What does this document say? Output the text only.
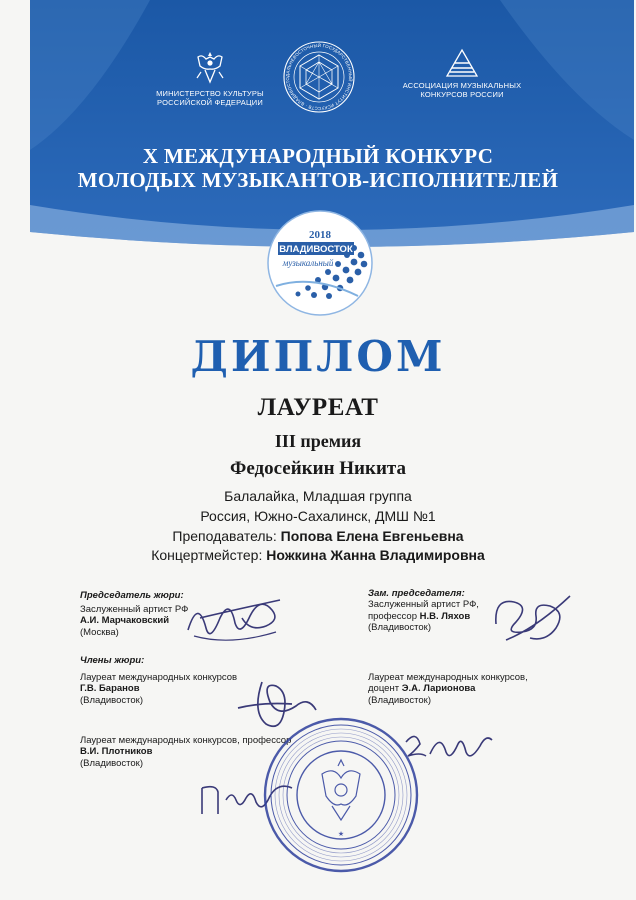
МИНИСТЕРСТВО КУЛЬТУРЫ РОССИЙСКОЙ ФЕДЕРАЦИИ
ДАЛЬНЕВОСТОЧНЫЙ ГОСУДАРСТВЕННЫЙ ИНСТИТУТ ИСКУССТВ · ВЛАДИВОСТО
АССОЦИАЦИЯ МУЗЫКАЛЬНЫХ КОНКУРСОВ РОССИИ
X МЕЖДУНАРОДНЫЙ КОНКУРС
МОЛОДЫХ МУЗЫКАНТОВ-ИСПОЛНИТЕЛЕЙ
2018
ВЛАДИВОСТОК
музыкальный
ДИПЛОМ
ЛАУРЕАТ
III премия
Федосейкин Никита
Балалайка, Младшая группа
Россия, Южно-Сахалинск, ДМШ №1
Преподаватель: Попова Елена Евгеньевна
Концертмейстер: Ножкина Жанна Владимировна
Председатель жюри:
Заслуженный артист РФ
А.И. Марчаковский
(Москва)
Зам. председателя:
Заслуженный артист РФ,
профессор Н.В. Ляхов
(Владивосток)
Члены жюри:
Лауреат международных конкурсов
Г.В. Баранов
(Владивосток)
Лауреат международных конкурсов,
доцент Э.А. Ларионова
(Владивосток)
Лауреат международных конкурсов, профессор
В.И. Плотников
(Владивосток)
★
